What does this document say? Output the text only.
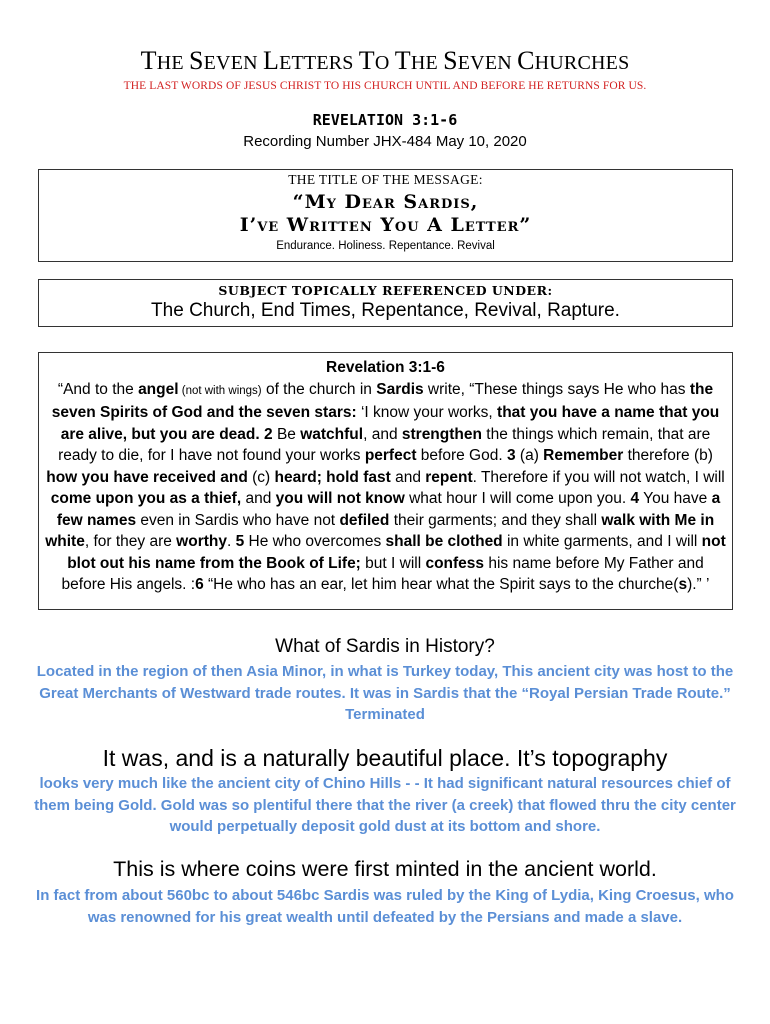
THE SEVEN LETTERS TO THE SEVEN CHURCHES
THE LAST WORDS OF JESUS CHRIST TO HIS CHURCH UNTIL AND BEFORE HE RETURNS FOR US.
REVELATION 3:1-6
Recording Number JHX-484 May 10, 2020
THE TITLE OF THE MESSAGE:
“My Dear Sardis,
I’ve Written You A Letter”
Endurance. Holiness. Repentance. Revival
SUBJECT TOPICALLY REFERENCED UNDER:
The Church, End Times, Repentance, Revival, Rapture.
Revelation 3:1-6
“And to the angel (not with wings) of the church in Sardis write, “These things says He who has the seven Spirits of God and the seven stars: ‘I know your works, that you have a name that you are alive, but you are dead. 2 Be watchful, and strengthen the things which remain, that are ready to die, for I have not found your works perfect before God. 3 (a) Remember therefore (b) how you have received and (c) heard; hold fast and repent. Therefore if you will not watch, I will come upon you as a thief, and you will not know what hour I will come upon you. 4 You have a few names even in Sardis who have not defiled their garments; and they shall walk with Me in white, for they are worthy. 5 He who overcomes shall be clothed in white garments, and I will not blot out his name from the Book of Life; but I will confess his name before My Father and before His angels. :6 “He who has an ear, let him hear what the Spirit says to the churche(s).” ’
What of Sardis in History?
Located in the region of then Asia Minor, in what is Turkey today, This ancient city was host to the Great Merchants of Westward trade routes. It was in Sardis that the “Royal Persian Trade Route.” Terminated
It was, and is a naturally beautiful place. It’s topography
looks very much like the ancient city of Chino Hills - - It had significant natural resources chief of them being Gold. Gold was so plentiful there that the river (a creek) that flowed thru the city center would perpetually deposit gold dust at its bottom and shore.
This is where coins were first minted in the ancient world.
In fact from about 560bc to about 546bc Sardis was ruled by the King of Lydia, King Croesus, who was renowned for his great wealth until defeated by the Persians and made a slave.
